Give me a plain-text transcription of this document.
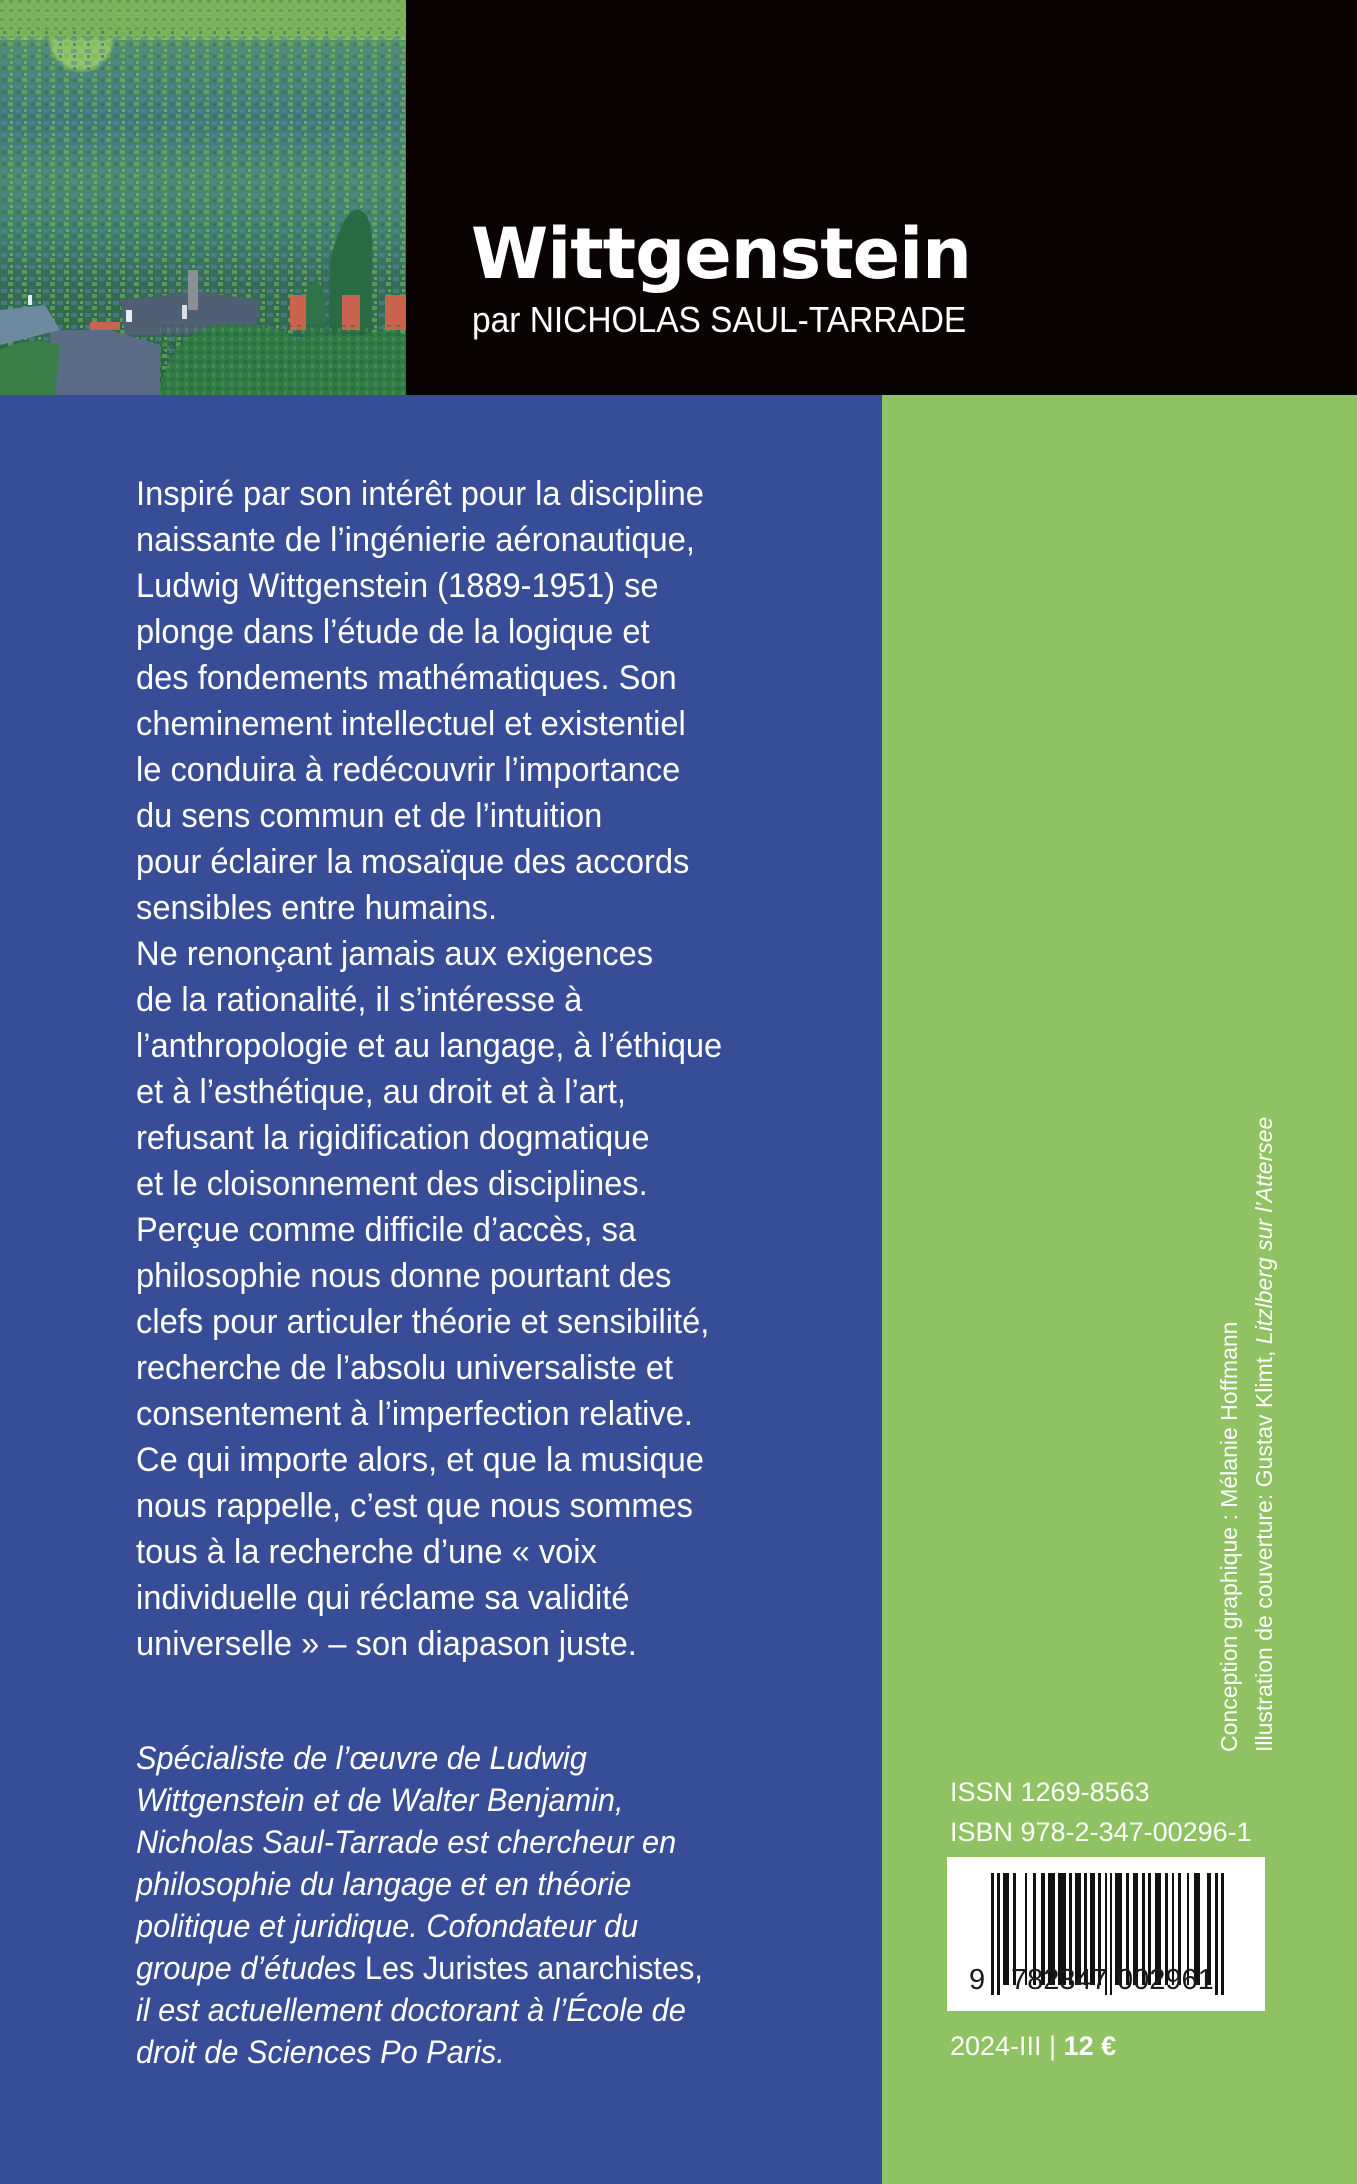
Wittgenstein
par NICHOLAS SAUL-TARRADE
Inspiré par son intérêt pour la discipline
naissante de l’ingénierie aéronautique,
Ludwig Wittgenstein (1889-1951) se
plonge dans l’étude de la logique et
des fondements mathématiques. Son
cheminement intellectuel et existentiel
le conduira à redécouvrir l’importance
du sens commun et de l’intuition
pour éclairer la mosaïque des accords
sensibles entre humains.
Ne renonçant jamais aux exigences
de la rationalité, il s’intéresse à
l’anthropologie et au langage, à l’éthique
et à l’esthétique, au droit et à l’art,
refusant la rigidification dogmatique
et le cloisonnement des disciplines.
Perçue comme difficile d’accès, sa
philosophie nous donne pourtant des
clefs pour articuler théorie et sensibilité,
recherche de l’absolu universaliste et
consentement à l’imperfection relative.
Ce qui importe alors, et que la musique
nous rappelle, c’est que nous sommes
tous à la recherche d’une « voix
individuelle qui réclame sa validité
universelle » – son diapason juste.
Spécialiste de l’œuvre de Ludwig
Wittgenstein et de Walter Benjamin,
Nicholas Saul-Tarrade est chercheur en
philosophie du langage et en théorie
politique et juridique. Cofondateur du
groupe d’études Les Juristes anarchistes,
il est actuellement doctorant à l’École de
droit de Sciences Po Paris.
Conception graphique : Mélanie Hoffmann Illustration de couverture: Gustav Klimt, Litzlberg sur l’Attersee
ISSN 1269-8563
ISBN 978-2-347-00296-1
9 782347 002961
2024-III | 12 €
